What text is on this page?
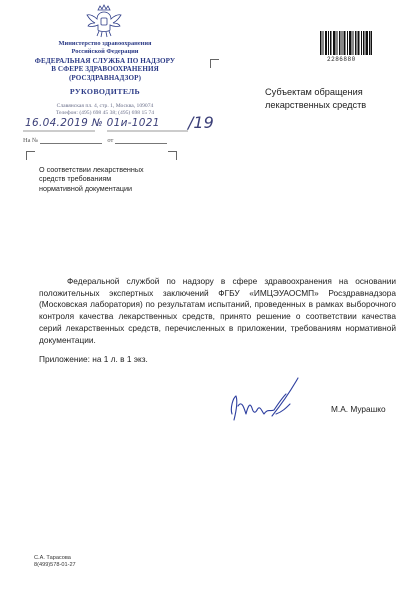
Министерство здравоохранения
Российской Федерации
ФЕДЕРАЛЬНАЯ СЛУЖБА ПО НАДЗОРУ
В СФЕРЕ ЗДРАВООХРАНЕНИЯ
(РОСЗДРАВНАДЗОР)
РУКОВОДИТЕЛЬ
Славянская пл. 4, стр. 1, Москва, 109074
Телефон: (495) 698 45 38; (495) 698 15 74
16.04.2019 № 01и-1021 /19
На №	от
2286880
Субъектам обращения
лекарственных средств
О соответствии лекарственных
средств требованиям
нормативной документации
Федеральной службой по надзору в сфере здравоохранения на основании положительных экспертных заключений ФГБУ «ИМЦЭУАОСМП» Росздравнадзора (Московская лаборатория) по результатам испытаний, проведенных в рамках выборочного контроля качества лекарственных средств, принято решение о соответствии качества серий лекарственных средств, перечисленных в приложении, требованиям нормативной документации.
Приложение: на 1 л. в 1 экз.
М.А. Мурашко
С.А. Тарасова
8(499)578-01-27
